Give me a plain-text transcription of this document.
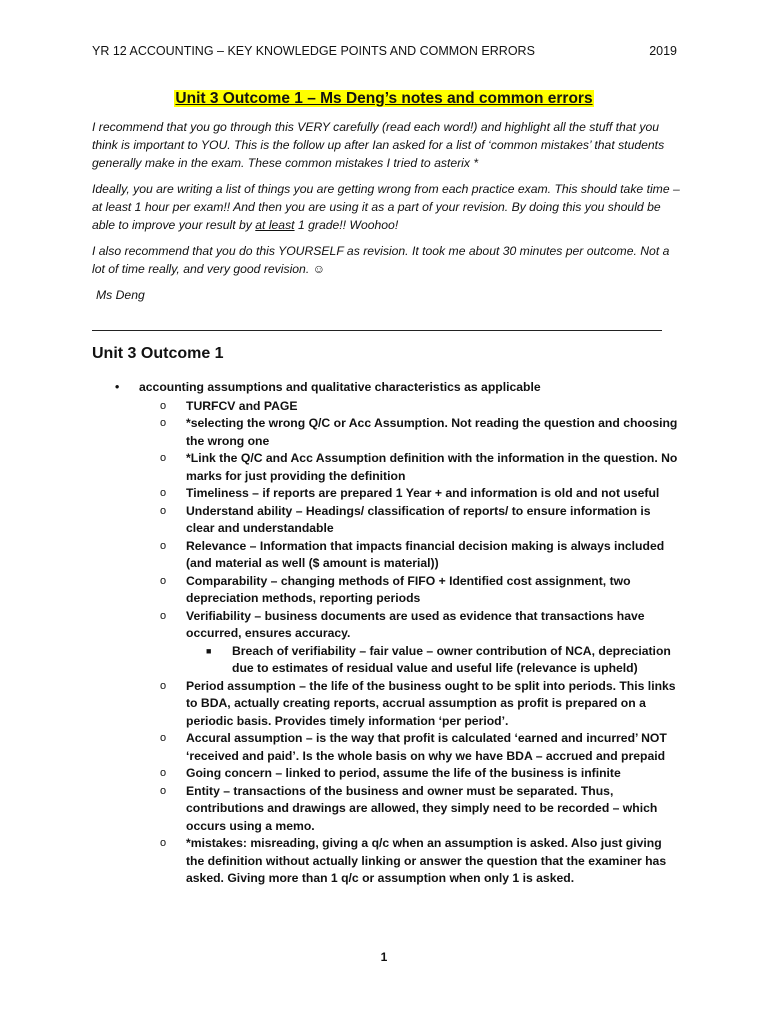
YR 12 ACCOUNTING – KEY KNOWLEDGE POINTS AND COMMON ERRORS	2019
Unit 3 Outcome 1 – Ms Deng’s notes and common errors

I recommend that you go through this VERY carefully (read each word!) and highlight all the stuff that you think is important to YOU. This is the follow up after Ian asked for a list of ‘common mistakes’ that students generally make in the exam. These common mistakes I tried to asterix *

Ideally, you are writing a list of things you are getting wrong from each practice exam. This should take time – at least 1 hour per exam!! And then you are using it as a part of your revision. By doing this you should be able to improve your result by at least 1 grade!! Woohoo!

I also recommend that you do this YOURSELF as revision. It took me about 30 minutes per outcome. Not a lot of time really, and very good revision. ☺

Ms Deng

Unit 3 Outcome 1
•	accounting assumptions and qualitative characteristics as applicable
o	TURFCV and PAGE
o	*selecting the wrong Q/C or Acc Assumption. Not reading the question and choosing the wrong one
o	*Link the Q/C and Acc Assumption definition with the information in the question. No marks for just providing the definition
o	Timeliness – if reports are prepared 1 Year + and information is old and not useful
o	Understand ability – Headings/ classification of reports/ to ensure information is clear and understandable
o	Relevance – Information that impacts financial decision making is always included (and material as well ($ amount is material))
o	Comparability – changing methods of FIFO + Identified cost assignment, two depreciation methods, reporting periods
o	Verifiability – business documents are used as evidence that transactions have occurred, ensures accuracy.
■	Breach of verifiability – fair value – owner contribution of NCA, depreciation due to estimates of residual value and useful life (relevance is upheld)
o	Period assumption – the life of the business ought to be split into periods. This links to BDA, actually creating reports, accrual assumption as profit is prepared on a periodic basis. Provides timely information ‘per period’.
o	Accural assumption – is the way that profit is calculated ‘earned and incurred’ NOT ‘received and paid’. Is the whole basis on why we have BDA – accrued and prepaid
o	Going concern – linked to period, assume the life of the business is infinite
o	Entity – transactions of the business and owner must be separated. Thus, contributions and drawings are allowed, they simply need to be recorded – which occurs using a memo.
o	*mistakes: misreading, giving a q/c when an assumption is asked. Also just giving the definition without actually linking or answer the question that the examiner has asked. Giving more than 1 q/c or assumption when only 1 is asked.
1
